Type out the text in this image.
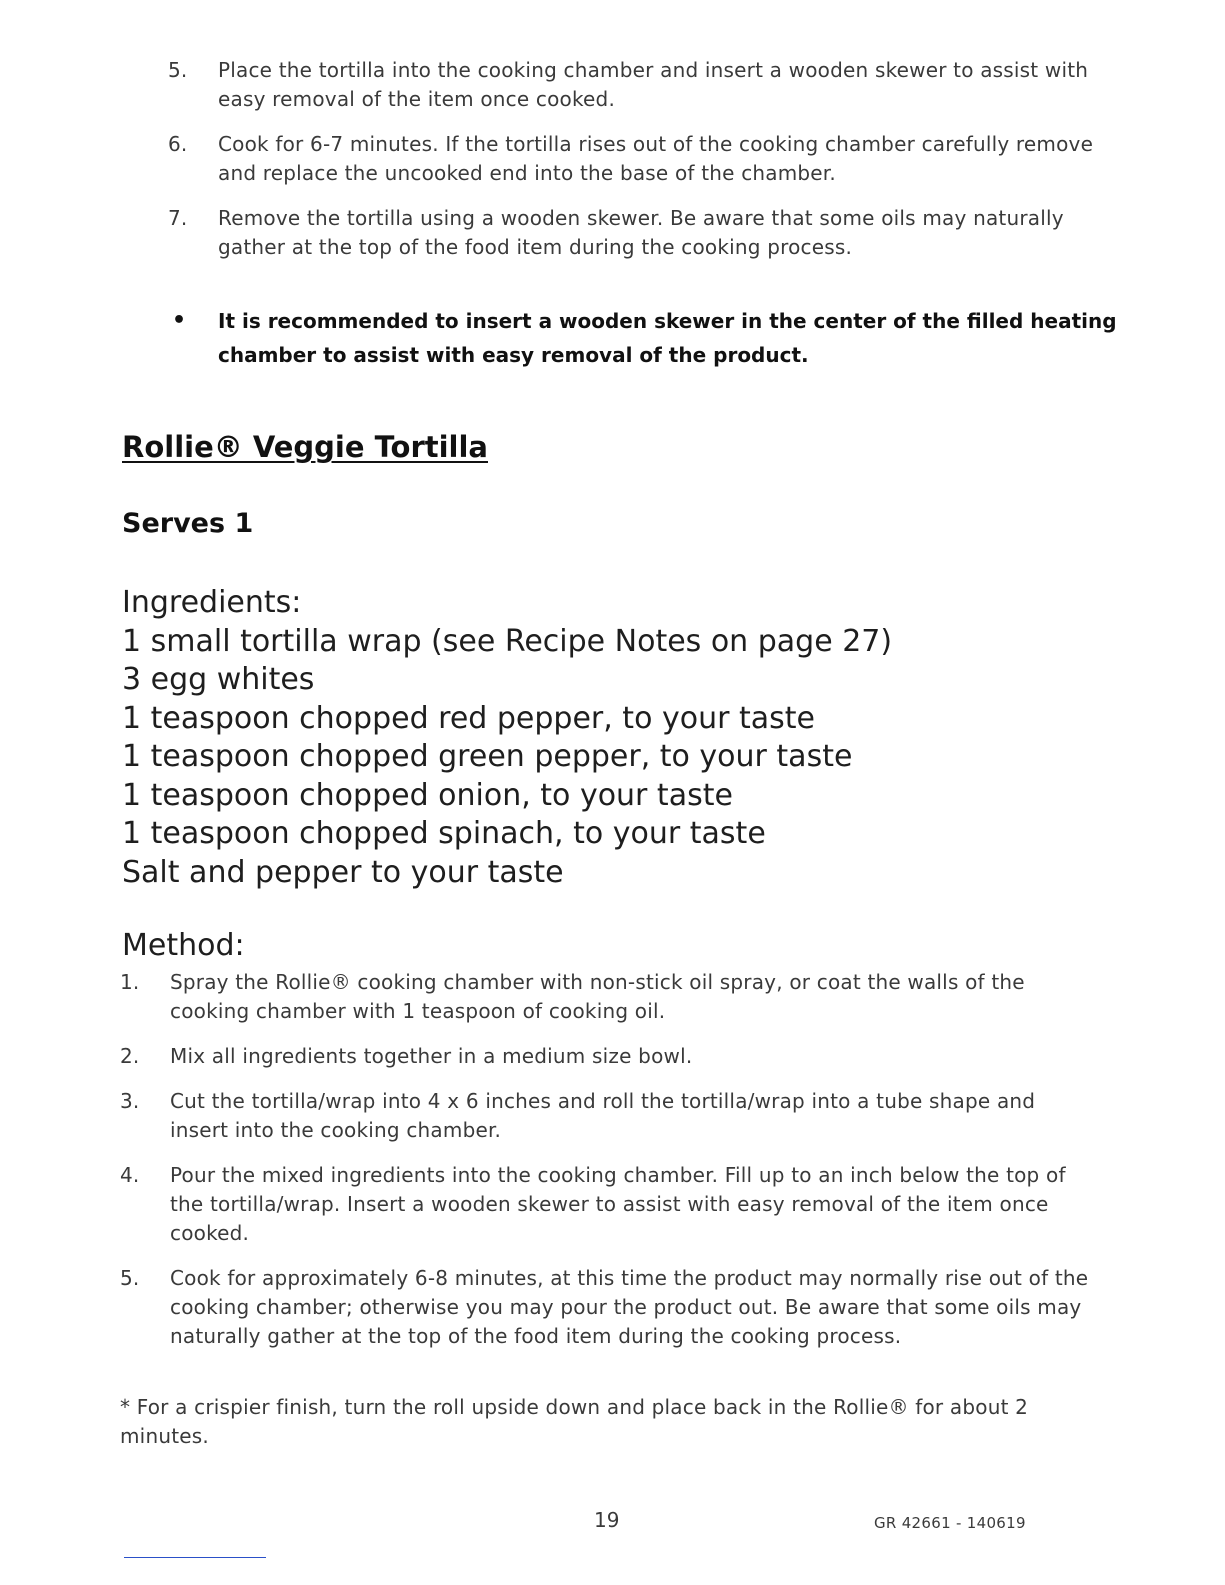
5. Place the tortilla into the cooking chamber and insert a wooden skewer to assist with easy removal of the item once cooked.
6. Cook for 6-7 minutes. If the tortilla rises out of the cooking chamber carefully remove and replace the uncooked end into the base of the chamber.
7. Remove the tortilla using a wooden skewer. Be aware that some oils may naturally gather at the top of the food item during the cooking process.
• It is recommended to insert a wooden skewer in the center of the filled heating chamber to assist with easy removal of the product.
Rollie® Veggie Tortilla
Serves 1
Ingredients:
1 small tortilla wrap (see Recipe Notes on page 27)
3 egg whites
1 teaspoon chopped red pepper, to your taste
1 teaspoon chopped green pepper, to your taste
1 teaspoon chopped onion, to your taste
1 teaspoon chopped spinach, to your taste
Salt and pepper to your taste
Method:
1. Spray the Rollie® cooking chamber with non-stick oil spray, or coat the walls of the cooking chamber with 1 teaspoon of cooking oil.
2. Mix all ingredients together in a medium size bowl.
3. Cut the tortilla/wrap into 4 x 6 inches and roll the tortilla/wrap into a tube shape and insert into the cooking chamber.
4. Pour the mixed ingredients into the cooking chamber. Fill up to an inch below the top of the tortilla/wrap. Insert a wooden skewer to assist with easy removal of the item once cooked.
5. Cook for approximately 6-8 minutes, at this time the product may normally rise out of the cooking chamber; otherwise you may pour the product out. Be aware that some oils may naturally gather at the top of the food item during the cooking process.
* For a crispier finish, turn the roll upside down and place back in the Rollie® for about 2 minutes.
19	GR 42661 - 140619
